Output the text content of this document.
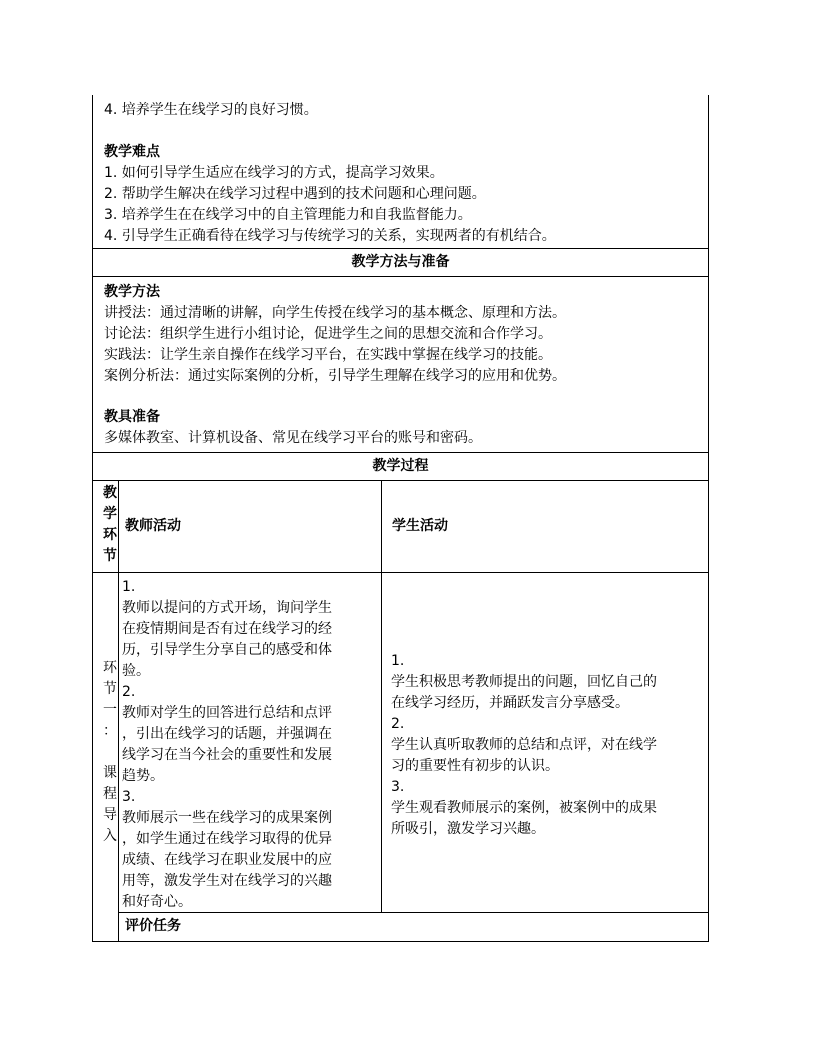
4. 培养学生在线学习的良好习惯。
教学难点
1. 如何引导学生适应在线学习的方式，提高学习效果。
2. 帮助学生解决在线学习过程中遇到的技术问题和心理问题。
3. 培养学生在在线学习中的自主管理能力和自我监督能力。
4. 引导学生正确看待在线学习与传统学习的关系，实现两者的有机结合。
教学方法与准备
教学方法
讲授法：通过清晰的讲解，向学生传授在线学习的基本概念、原理和方法。
讨论法：组织学生进行小组讨论，促进学生之间的思想交流和合作学习。
实践法：让学生亲自操作在线学习平台，在实践中掌握在线学习的技能。
案例分析法：通过实际案例的分析，引导学生理解在线学习的应用和优势。
教具准备
多媒体教室、计算机设备、常见在线学习平台的账号和密码。
教学过程
教
学
环
节
教师活动	学生活动
环
节
一
：
课
程
导
入
1.
教师以提问的方式开场，询问学生
在疫情期间是否有过在线学习的经
历，引导学生分享自己的感受和体
验。
2.
教师对学生的回答进行总结和点评
，引出在线学习的话题，并强调在
线学习在当今社会的重要性和发展
趋势。
3.
教师展示一些在线学习的成果案例
，如学生通过在线学习取得的优异
成绩、在线学习在职业发展中的应
用等，激发学生对在线学习的兴趣
和好奇心。
1.
学生积极思考教师提出的问题，回忆自己的
在线学习经历，并踊跃发言分享感受。
2.
学生认真听取教师的总结和点评，对在线学
习的重要性有初步的认识。
3.
学生观看教师展示的案例，被案例中的成果
所吸引，激发学习兴趣。
评价任务
